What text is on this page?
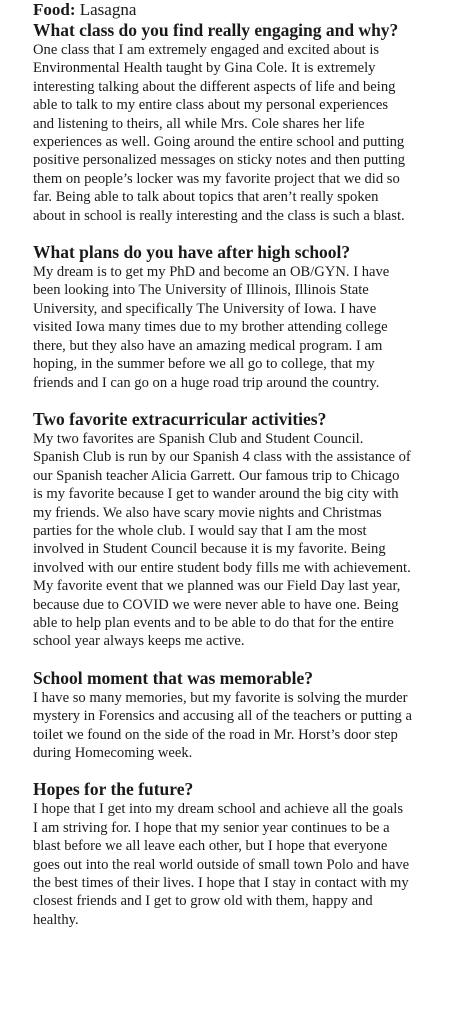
Food: Lasagna

What class do you find really engaging and why?

One class that I am extremely engaged and excited about is
Environmental Health taught by Gina Cole. It is extremely
interesting talking about the different aspects of life and being
able to talk to my entire class about my personal experiences
and listening to theirs, all while Mrs. Cole shares her life
experiences as well. Going around the entire school and putting
positive personalized messages on sticky notes and then putting
them on people’s locker was my favorite project that we did so
far. Being able to talk about topics that aren’t really spoken
about in school is really interesting and the class is such a blast.

What plans do you have after high school?

My dream is to get my PhD and become an OB/GYN. I have
been looking into The University of Illinois, Illinois State
University, and specifically The University of Iowa. I have
visited Iowa many times due to my brother attending college
there, but they also have an amazing medical program. I am
hoping, in the summer before we all go to college, that my
friends and I can go on a huge road trip around the country.

Two favorite extracurricular activities?

My two favorites are Spanish Club and Student Council.
Spanish Club is run by our Spanish 4 class with the assistance of
our Spanish teacher Alicia Garrett. Our famous trip to Chicago
is my favorite because I get to wander around the big city with
my friends. We also have scary movie nights and Christmas
parties for the whole club. I would say that I am the most
involved in Student Council because it is my favorite. Being
involved with our entire student body fills me with achievement.
My favorite event that we planned was our Field Day last year,
because due to COVID we were never able to have one. Being
able to help plan events and to be able to do that for the entire
school year always keeps me active.

School moment that was memorable?

I have so many memories, but my favorite is solving the murder
mystery in Forensics and accusing all of the teachers or putting a
toilet we found on the side of the road in Mr. Horst’s door step
during Homecoming week.

Hopes for the future?

I hope that I get into my dream school and achieve all the goals
I am striving for. I hope that my senior year continues to be a
blast before we all leave each other, but I hope that everyone
goes out into the real world outside of small town Polo and have
the best times of their lives. I hope that I stay in contact with my
closest friends and I get to grow old with them, happy and
healthy.
